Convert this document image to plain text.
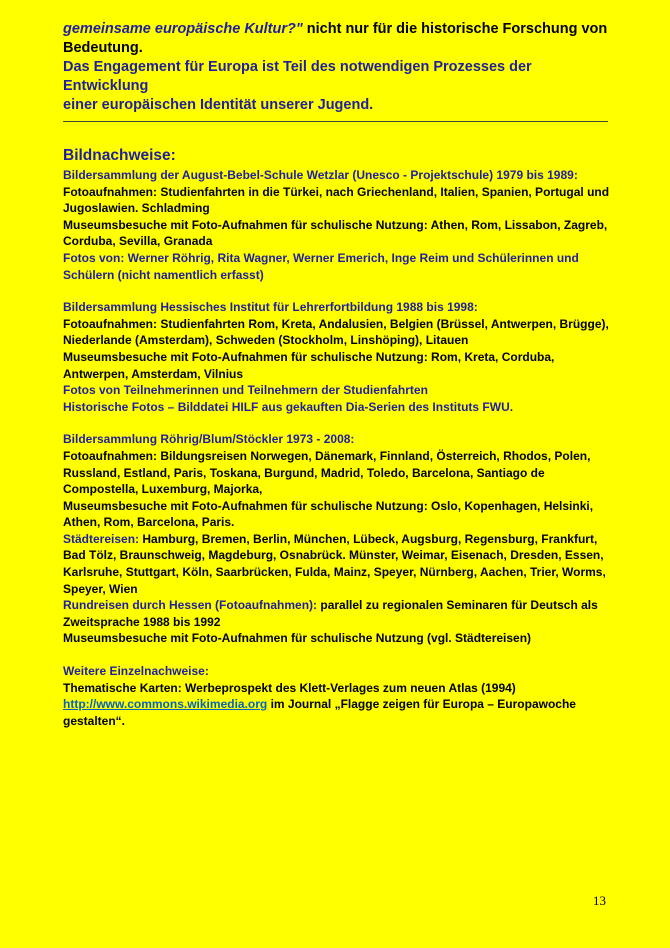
gemeinsame europäische Kultur?" nicht nur für die historische Forschung von
Bedeutung.
Das Engagement für Europa ist Teil des notwendigen Prozesses der Entwicklung
einer europäischen Identität unserer Jugend.
Bildnachweise:
Bildersammlung der August-Bebel-Schule Wetzlar (Unesco - Projektschule) 1979 bis 1989:
Fotoaufnahmen: Studienfahrten in die Türkei, nach Griechenland, Italien, Spanien, Portugal und
Jugoslawien. Schladming
Museumsbesuche mit Foto-Aufnahmen für schulische Nutzung: Athen, Rom, Lissabon, Zagreb,
Corduba, Sevilla, Granada
Fotos von: Werner Röhrig, Rita Wagner, Werner Emerich, Inge Reim und Schülerinnen und
Schülern (nicht namentlich erfasst)
Bildersammlung Hessisches Institut für Lehrerfortbildung 1988 bis 1998:
Fotoaufnahmen: Studienfahrten Rom, Kreta, Andalusien, Belgien (Brüssel, Antwerpen, Brügge),
Niederlande (Amsterdam), Schweden (Stockholm, Linshöping), Litauen
Museumsbesuche mit Foto-Aufnahmen für schulische Nutzung: Rom, Kreta, Corduba,
Antwerpen, Amsterdam, Vilnius
Fotos von Teilnehmerinnen und Teilnehmern der Studienfahrten
Historische Fotos – Bilddatei HILF aus gekauften Dia-Serien des Instituts FWU.
Bildersammlung Röhrig/Blum/Stöckler 1973 - 2008:
Fotoaufnahmen: Bildungsreisen Norwegen, Dänemark, Finnland, Österreich, Rhodos, Polen,
Russland, Estland, Paris, Toskana, Burgund, Madrid, Toledo, Barcelona, Santiago de
Compostella, Luxemburg, Majorka,
Museumsbesuche mit Foto-Aufnahmen für schulische Nutzung: Oslo, Kopenhagen, Helsinki,
Athen, Rom, Barcelona, Paris.
Städtereisen: Hamburg, Bremen, Berlin, München, Lübeck, Augsburg, Regensburg, Frankfurt,
Bad Tölz, Braunschweig, Magdeburg, Osnabrück. Münster, Weimar, Eisenach, Dresden, Essen,
Karlsruhe, Stuttgart, Köln, Saarbrücken, Fulda, Mainz, Speyer, Nürnberg, Aachen, Trier, Worms,
Speyer, Wien
Rundreisen durch Hessen (Fotoaufnahmen): parallel zu regionalen Seminaren für Deutsch als
Zweitsprache 1988 bis 1992
Museumsbesuche mit Foto-Aufnahmen für schulische Nutzung (vgl. Städtereisen)
Weitere Einzelnachweise:
Thematische Karten: Werbeprospekt des Klett-Verlages zum neuen Atlas (1994)
http://www.commons.wikimedia.org im Journal „Flagge zeigen für Europa – Europawoche
gestalten“.
13
